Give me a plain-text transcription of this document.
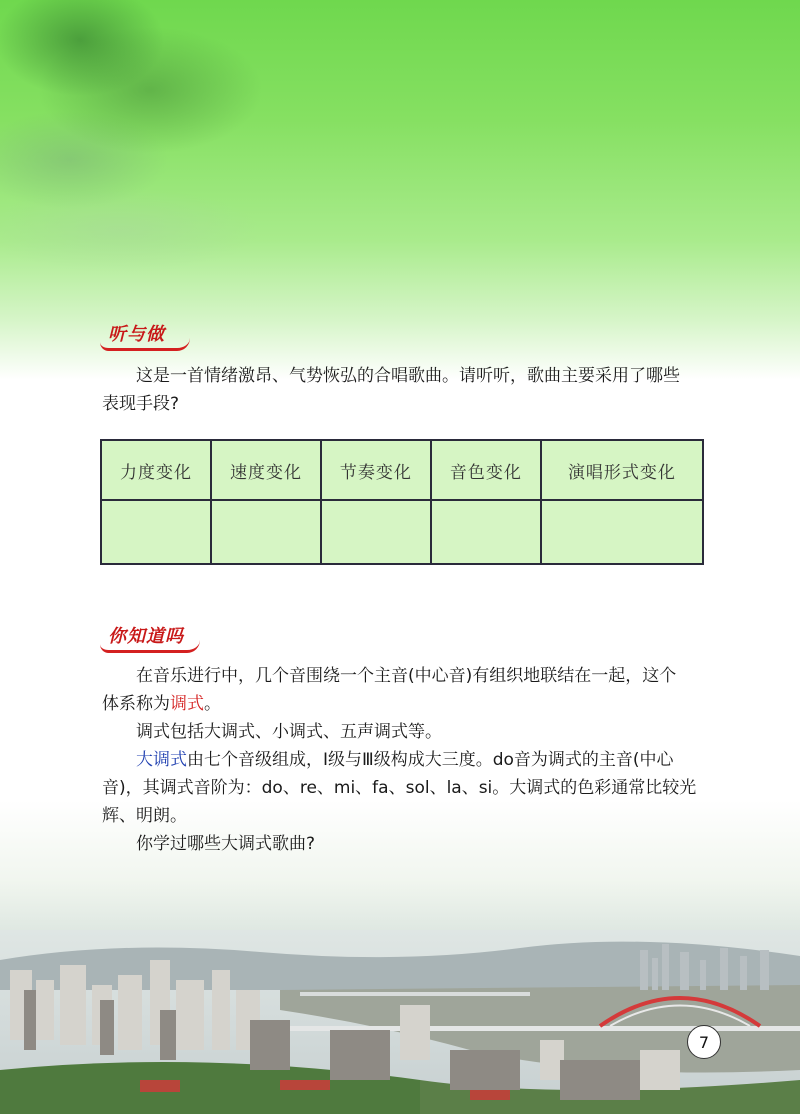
听与做
这是一首情绪激昂、气势恢弘的合唱歌曲。请听听，歌曲主要采用了哪些
表现手段?
力度变化	速度变化	节奏变化	音色变化	演唱形式变化

你知道吗
在音乐进行中，几个音围绕一个主音(中心音)有组织地联结在一起，这个
体系称为调式。
调式包括大调式、小调式、五声调式等。
大调式由七个音级组成，Ⅰ级与Ⅲ级构成大三度。do音为调式的主音(中心
音)，其调式音阶为：do、re、mi、fa、sol、la、si。大调式的色彩通常比较光
辉、明朗。
你学过哪些大调式歌曲?
7
